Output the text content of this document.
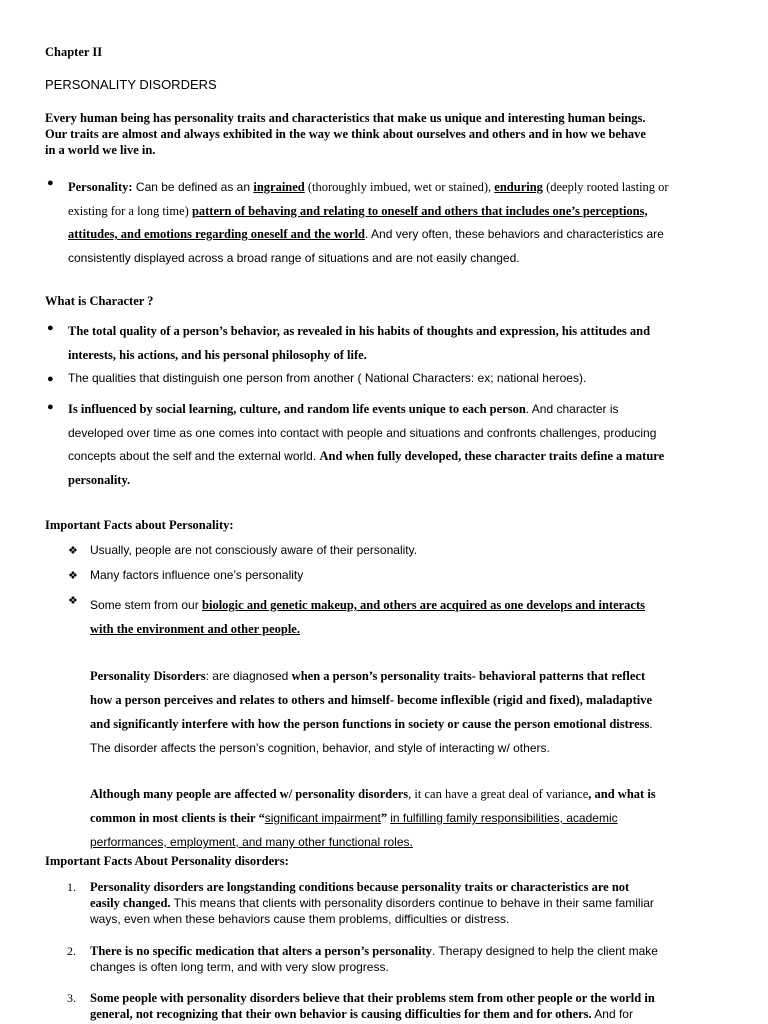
Chapter II
PERSONALITY DISORDERS
Every human being has personality traits and characteristics that make us unique and interesting human beings.
Our traits are almost and always exhibited in the way we think about ourselves and others and in how we behave
in a world we live in.
● Personality: Can be defined as an ingrained (thoroughly imbued, wet or stained), enduring (deeply rooted lasting or
existing for a long time) pattern of behaving and relating to oneself and others that includes one’s perceptions,
attitudes, and emotions regarding oneself and the world. And very often, these behaviors and characteristics are
consistently displayed across a broad range of situations and are not easily changed.
What is Character ?
● The total quality of a person’s behavior, as revealed in his habits of thoughts and expression, his attitudes and
interests, his actions, and his personal philosophy of life.
● The qualities that distinguish one person from another ( National Characters: ex; national heroes).
● Is influenced by social learning, culture, and random life events unique to each person. And character is
developed over time as one comes into contact with people and situations and confronts challenges, producing
concepts about the self and the external world. And when fully developed, these character traits define a mature
personality.
Important Facts about Personality:
❖ Usually, people are not consciously aware of their personality.
❖ Many factors influence one’s personality
❖ Some stem from our biologic and genetic makeup, and others are acquired as one develops and interacts
with the environment and other people.
Personality Disorders: are diagnosed when a person’s personality traits- behavioral patterns that reflect
how a person perceives and relates to others and himself- become inflexible (rigid and fixed), maladaptive
and significantly interfere with how the person functions in society or cause the person emotional distress.
The disorder affects the person’s cognition, behavior, and style of interacting w/ others.
Although many people are affected w/ personality disorders, it can have a great deal of variance, and what is
common in most clients is their “significant impairment” in fulfilling family responsibilities, academic
performances, employment, and many other functional roles.
Important Facts About Personality disorders:
1. Personality disorders are longstanding conditions because personality traits or characteristics are not
easily changed. This means that clients with personality disorders continue to behave in their same familiar
ways, even when these behaviors cause them problems, difficulties or distress.
2. There is no specific medication that alters a person’s personality. Therapy designed to help the client make
changes is often long term, and with very slow progress.
3. Some people with personality disorders believe that their problems stem from other people or the world in
general, not recognizing that their own behavior is causing difficulties for them and for others. And for
